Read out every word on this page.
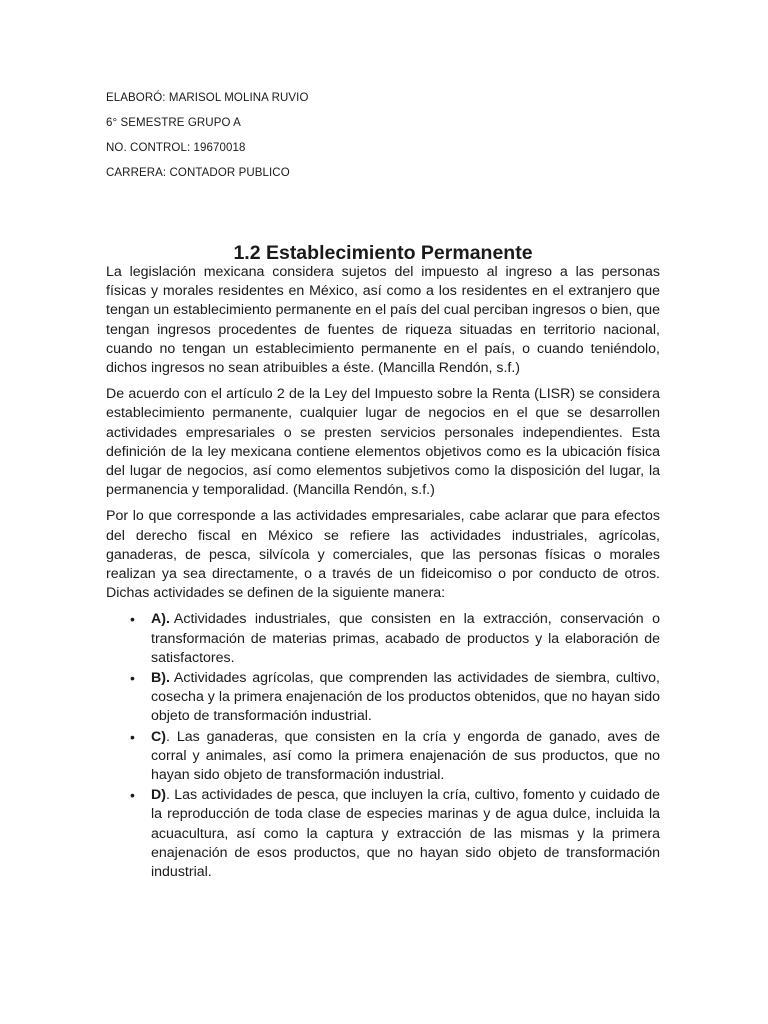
ELABORÓ: MARISOL MOLINA RUVIO
6° SEMESTRE GRUPO A
NO. CONTROL: 19670018
CARRERA: CONTADOR PUBLICO
1.2 Establecimiento Permanente

La legislación mexicana considera sujetos del impuesto al ingreso a las personas físicas y morales residentes en México, así como a los residentes en el extranjero que tengan un establecimiento permanente en el país del cual perciban ingresos o bien, que tengan ingresos procedentes de fuentes de riqueza situadas en territorio nacional, cuando no tengan un establecimiento permanente en el país, o cuando teniéndolo, dichos ingresos no sean atribuibles a éste. (Mancilla Rendón, s.f.)

De acuerdo con el artículo 2 de la Ley del Impuesto sobre la Renta (LISR) se considera establecimiento permanente, cualquier lugar de negocios en el que se desarrollen actividades empresariales o se presten servicios personales independientes. Esta definición de la ley mexicana contiene elementos objetivos como es la ubicación física del lugar de negocios, así como elementos subjetivos como la disposición del lugar, la permanencia y temporalidad. (Mancilla Rendón, s.f.)

Por lo que corresponde a las actividades empresariales, cabe aclarar que para efectos del derecho fiscal en México se refiere las actividades industriales, agrícolas, ganaderas, de pesca, silvícola y comerciales, que las personas físicas o morales realizan ya sea directamente, o a través de un fideicomiso o por conducto de otros. Dichas actividades se definen de la siguiente manera:

•	A). Actividades industriales, que consisten en la extracción, conservación o transformación de materias primas, acabado de productos y la elaboración de satisfactores.
•	B). Actividades agrícolas, que comprenden las actividades de siembra, cultivo, cosecha y la primera enajenación de los productos obtenidos, que no hayan sido objeto de transformación industrial.
•	C). Las ganaderas, que consisten en la cría y engorda de ganado, aves de corral y animales, así como la primera enajenación de sus productos, que no hayan sido objeto de transformación industrial.
•	D). Las actividades de pesca, que incluyen la cría, cultivo, fomento y cuidado de la reproducción de toda clase de especies marinas y de agua dulce, incluida la acuacultura, así como la captura y extracción de las mismas y la primera enajenación de esos productos, que no hayan sido objeto de transformación industrial.
